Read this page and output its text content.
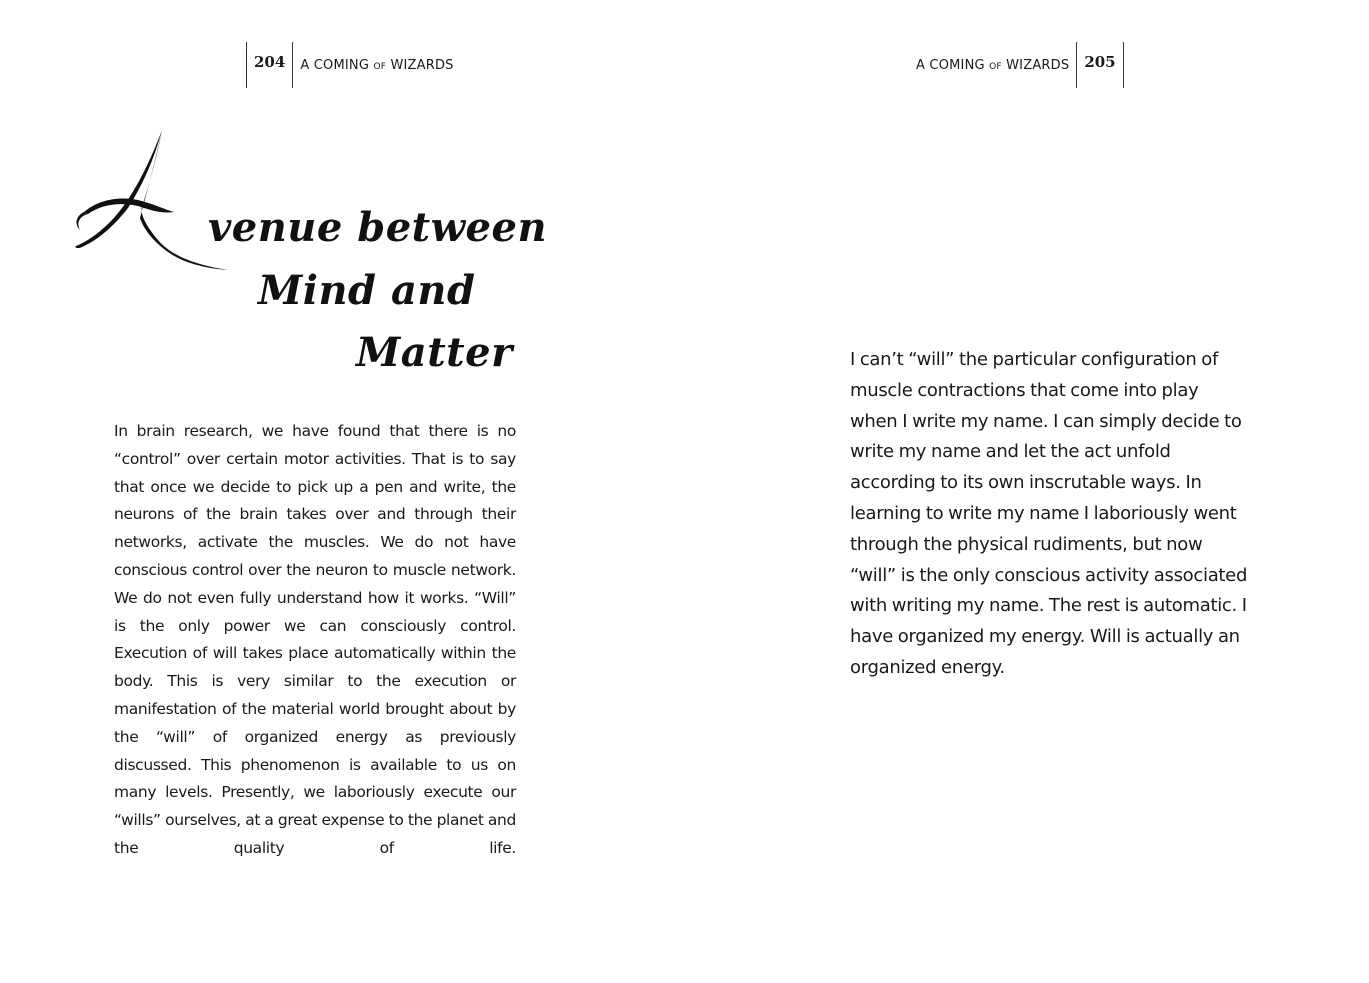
204	A COMING OF WIZARDS
venue between
Mind and
Matter

In brain research, we have found that there is no “control” over certain motor activities. That is to say that once we decide to pick up a pen and write, the neurons of the brain takes over and through their networks, activate the muscles. We do not have conscious control over the neuron to muscle network. We do not even fully understand how it works. “Will” is the only power we can consciously control. Execution of will takes place automatically within the body. This is very similar to the execution or manifestation of the material world brought about by the “will” of organized energy as previously discussed. This phenomenon is available to us on many levels. Presently, we laboriously execute our “wills” ourselves, at a great expense to the planet and the quality of life.

A COMING OF WIZARDS	205

I can’t “will” the particular configuration of muscle contractions that come into play when I write my name. I can simply decide to write my name and let the act unfold according to its own inscrutable ways. In learning to write my name I laboriously went through the physical rudiments, but now “will” is the only conscious activity associated with writing my name. The rest is automatic. I have organized my energy. Will is actually an organized energy.
